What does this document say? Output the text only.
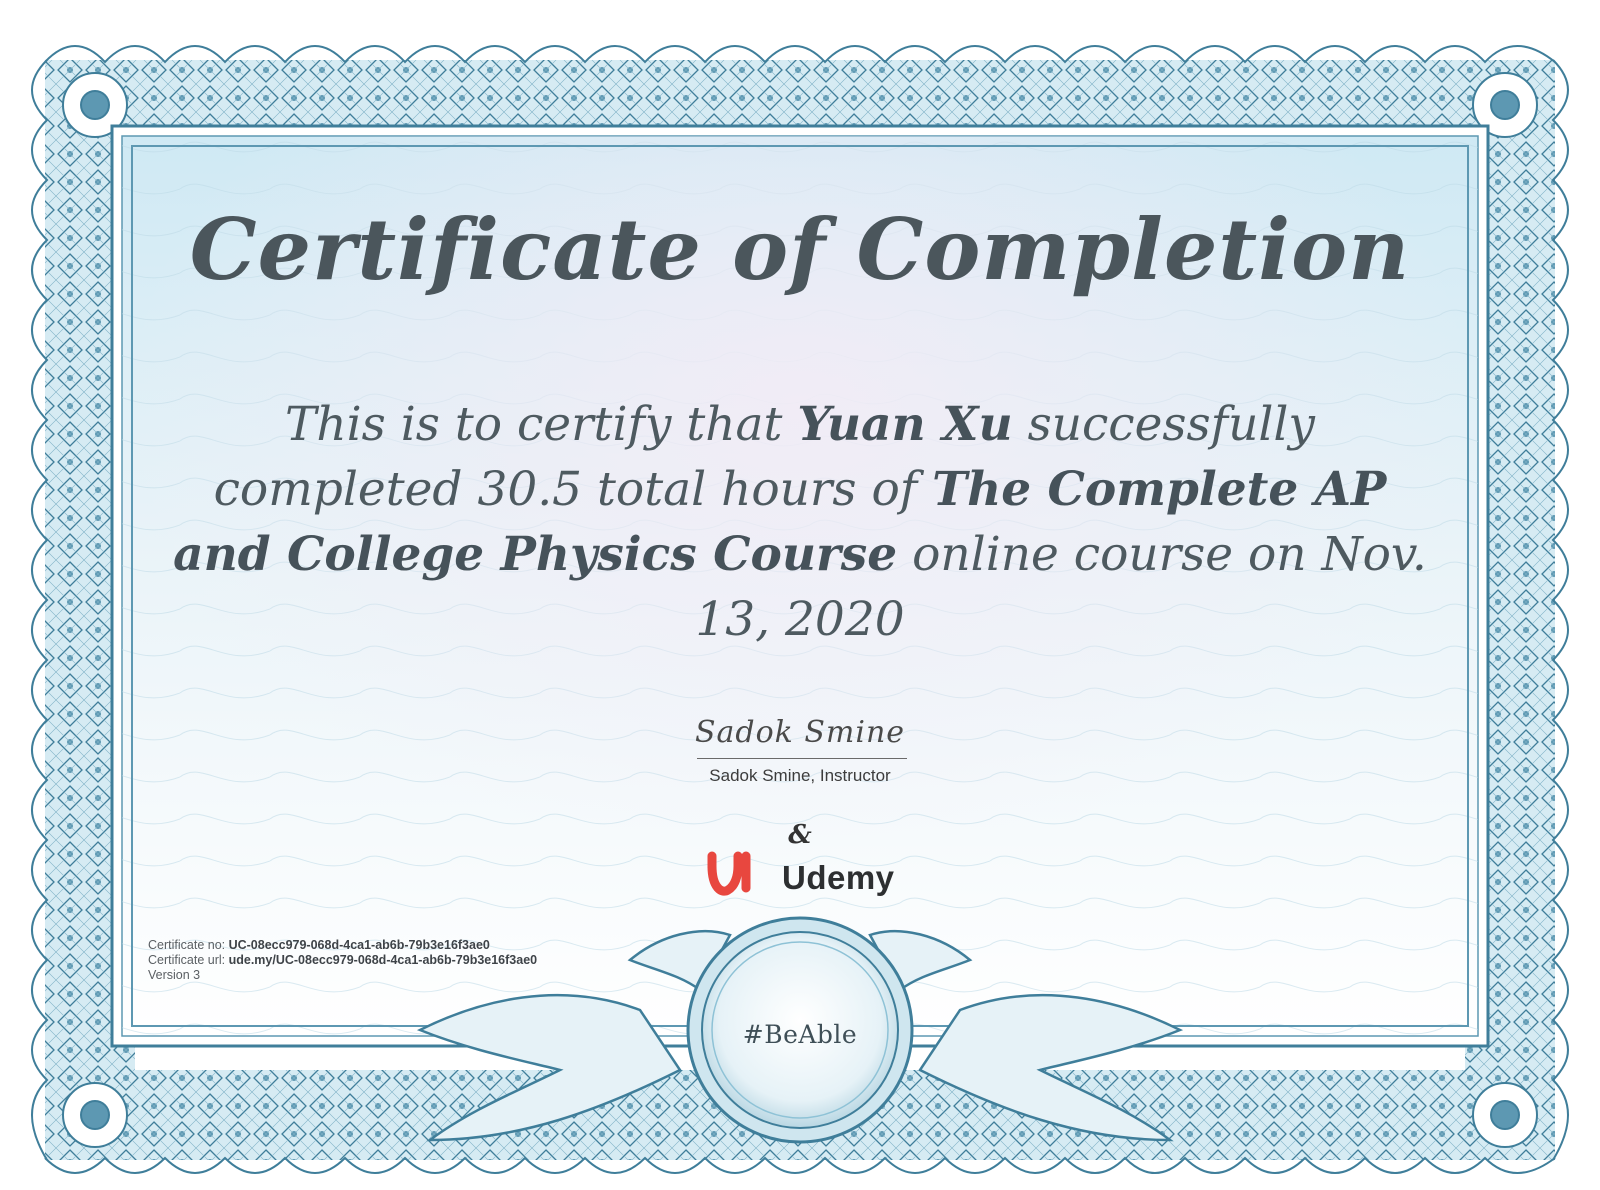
Certificate of Completion

This is to certify that Yuan Xu successfully completed 30.5 total hours of The Complete AP and College Physics Course online course on Nov. 13, 2020

Sadok Smine
Sadok Smine, Instructor
&
Udemy
Certificate no: UC-08ecc979-068d-4ca1-ab6b-79b3e16f3ae0
Certificate url: ude.my/UC-08ecc979-068d-4ca1-ab6b-79b3e16f3ae0
Version 3
#BeAble
